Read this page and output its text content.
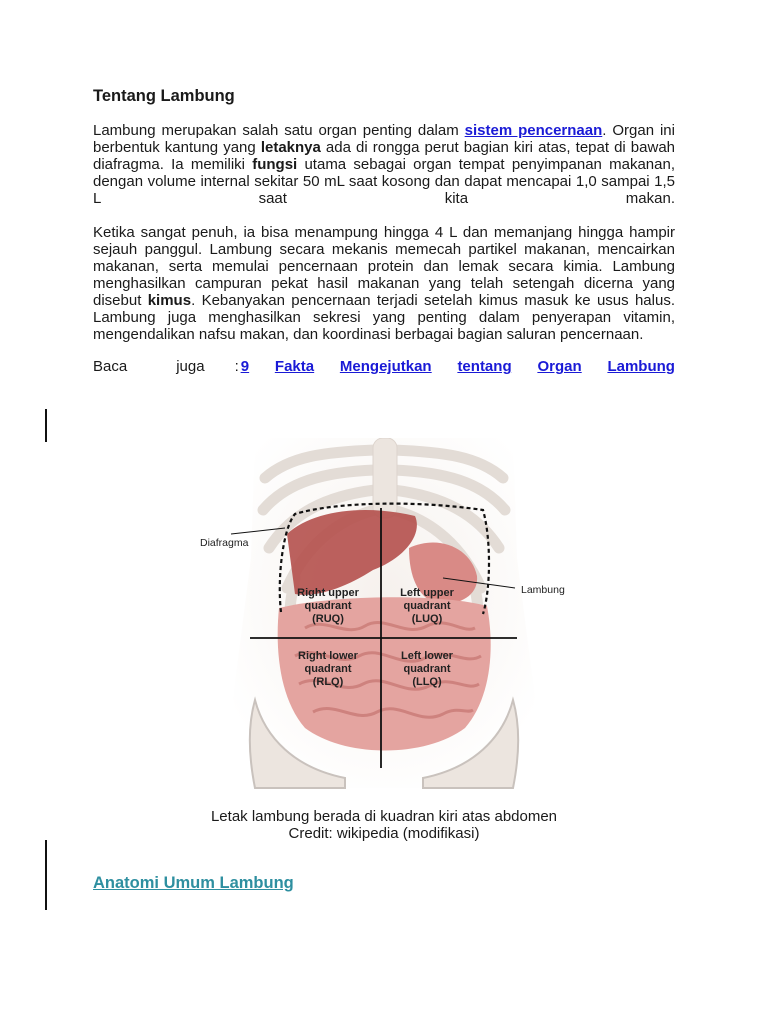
Tentang Lambung

Lambung merupakan salah satu organ penting dalam sistem pencernaan. Organ ini berbentuk kantung yang letaknya ada di rongga perut bagian kiri atas, tepat di bawah diafragma. Ia memiliki fungsi utama sebagai organ tempat penyimpanan makanan, dengan volume internal sekitar 50 mL saat kosong dan dapat mencapai 1,0 sampai 1,5 L saat kita makan.

Ketika sangat penuh, ia bisa menampung hingga 4 L dan memanjang hingga hampir sejauh panggul. Lambung secara mekanis memecah partikel makanan, mencairkan makanan, serta memulai pencernaan protein dan lemak secara kimia. Lambung menghasilkan campuran pekat hasil makanan yang telah setengah dicerna yang disebut kimus. Kebanyakan pencernaan terjadi setelah kimus masuk ke usus halus. Lambung juga menghasilkan sekresi yang penting dalam penyerapan vitamin, mengendalikan nafsu makan, dan koordinasi berbagai bagian saluran pencernaan.

Baca	juga : 9 Fakta Mengejutkan tentang Organ Lambung

Diafragma
Lambung
Right upper
quadrant
(RUQ)
Left upper
quadrant
(LUQ)
Right lower
quadrant
(RLQ)
Left lower
quadrant
(LLQ)

Letak lambung berada di kuadran kiri atas abdomen

Credit: wikipedia (modifikasi)

Anatomi Umum Lambung
